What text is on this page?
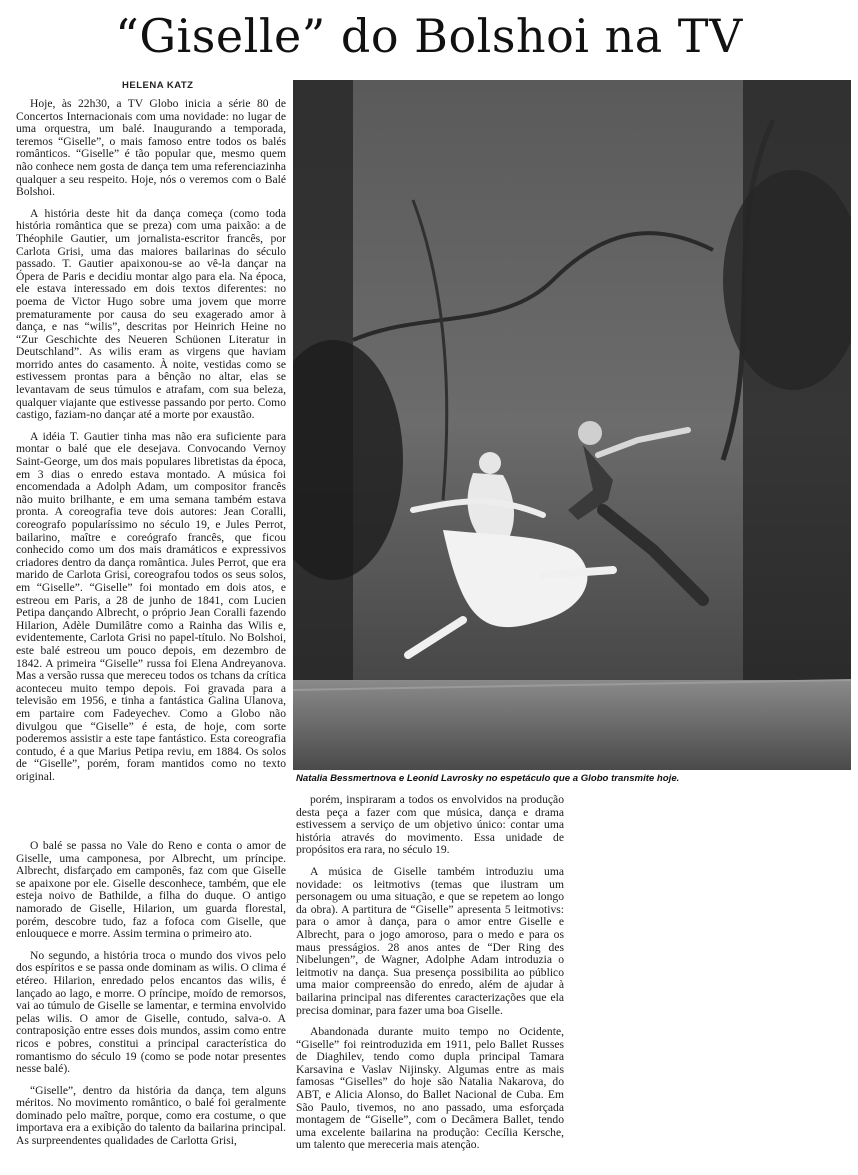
“Giselle” do Bolshoi na TV
HELENA KATZ

Hoje, às 22h30, a TV Globo inicia a série 80 de Concertos Internacionais com uma novidade: no lugar de uma orquestra, um balé. Inaugurando a temporada, teremos “Giselle”, o mais famoso entre todos os balés românticos. “Giselle” é tão popular que, mesmo quem não conhece nem gosta de dança tem uma referenciazinha qualquer a seu respeito. Hoje, nós o veremos com o Balé Bolshoi.

A história deste hit da dança começa (como toda história romântica que se preza) com uma paixão: a de Théophile Gautier, um jornalista-escritor francês, por Carlota Grisi, uma das maiores bailarinas do século passado. T. Gautier apaixonou-se ao vê-la dançar na Ópera de Paris e decidiu montar algo para ela. Na época, ele estava interessado em dois textos diferentes: no poema de Victor Hugo sobre uma jovem que morre prematuramente por causa do seu exagerado amor à dança, e nas “wilis”, descritas por Heinrich Heine no “Zur Geschichte des Neueren Schüonen Literatur in Deutschland”. As wilis eram as virgens que haviam morrido antes do casamento. À noite, vestidas como se estivessem prontas para a bênção no altar, elas se levantavam de seus túmulos e atrafam, com sua beleza, qualquer viajante que estivesse passando por perto. Como castigo, faziam-no dançar até a morte por exaustão.

A idéia T. Gautier tinha mas não era suficiente para montar o balé que ele desejava. Convocando Vernoy Saint-George, um dos mais populares libretistas da época, em 3 dias o enredo estava montado. A música foi encomendada a Adolph Adam, um compositor francês não muito brilhante, e em uma semana também estava pronta. A coreografia teve dois autores: Jean Coralli, coreografo popularíssimo no século 19, e Jules Perrot, bailarino, maître e coreógrafo francês, que ficou conhecido como um dos mais dramáticos e expressivos criadores dentro da dança romântica. Jules Perrot, que era marido de Carlota Grisi, coreografou todos os seus solos, em “Giselle”. “Giselle” foi montado em dois atos, e estreou em Paris, a 28 de junho de 1841, com Lucien Petipa dançando Albrecht, o próprio Jean Coralli fazendo Hilarion, Adèle Dumilâtre como a Rainha das Wilis e, evidentemente, Carlota Grisi no papel-título. No Bolshoi, este balé estreou um pouco depois, em dezembro de 1842. A primeira “Giselle” russa foi Elena Andreyanova. Mas a versão russa que mereceu todos os tchans da crítica aconteceu muito tempo depois. Foi gravada para a televisão em 1956, e tinha a fantástica Galina Ulanova, em partaire com Fadeyechev. Como a Globo não divulgou que “Giselle” é esta, de hoje, com sorte poderemos assistir a este tape fantástico. Esta coreografia contudo, é a que Marius Petipa reviu, em 1884. Os solos de “Giselle”, porém, foram mantidos como no texto original.	Natalia Bessmertnova e Leonid Lavrosky no espetáculo que a Globo transmite hoje.

O balé se passa no Vale do Reno e conta o amor de Giselle, uma camponesa, por Albrecht, um príncipe. Albrecht, disfarçado em camponês, faz com que Giselle se apaixone por ele. Giselle desconhece, também, que ele esteja noivo de Bathilde, a filha do duque. O antigo namorado de Giselle, Hilarion, um guarda florestal, porém, descobre tudo, faz a fofoca com Giselle, que enlouquece e morre. Assim termina o primeiro ato.

No segundo, a história troca o mundo dos vivos pelo dos espíritos e se passa onde dominam as wilis. O clima é etéreo. Hilarion, enredado pelos encantos das wilis, é lançado ao lago, e morre. O príncipe, moído de remorsos, vai ao túmulo de Giselle se lamentar, e termina envolvido pelas wilis. O amor de Giselle, contudo, salva-o. A contraposição entre esses dois mundos, assim como entre ricos e pobres, constitui a principal característica do romantismo do século 19 (como se pode notar presentes nesse balé).

“Giselle”, dentro da história da dança, tem alguns méritos. No movimento romântico, o balé foi geralmente dominado pelo maître, porque, como era costume, o que importava era a exibição do talento da bailarina principal. As surpreendentes qualidades de Carlotta Grisi,

porém, inspiraram a todos os envolvidos na produção desta peça a fazer com que música, dança e drama estivessem a serviço de um objetivo único: contar uma história através do movimento. Essa unidade de propósitos era rara, no século 19.

A música de Giselle também introduziu uma novidade: os leitmotivs (temas que ilustram um personagem ou uma situação, e que se repetem ao longo da obra). A partitura de “Giselle” apresenta 5 leitmotivs: para o amor à dança, para o amor entre Giselle e Albrecht, para o jogo amoroso, para o medo e para os maus presságios. 28 anos antes de “Der Ring des Nibelungen”, de Wagner, Adolphe Adam introduzia o leitmotiv na dança. Sua presença possibilita ao público uma maior compreensão do enredo, além de ajudar à bailarina principal nas diferentes caracterizações que ela precisa dominar, para fazer uma boa Giselle.

Abandonada durante muito tempo no Ocidente, “Giselle” foi reintroduzida em 1911, pelo Ballet Russes de Diaghilev, tendo como dupla principal Tamara Karsavina e Vaslav Nijinsky. Algumas entre as mais famosas “Giselles” do hoje são Natalia Nakarova, do ABT, e Alicia Alonso, do Ballet Nacional de Cuba. Em São Paulo, tivemos, no ano passado, uma esforçada montagem de “Giselle”, com o Decâmera Ballet, tendo uma excelente bailarina na produção: Cecília Kersche, um talento que mereceria mais atenção.
